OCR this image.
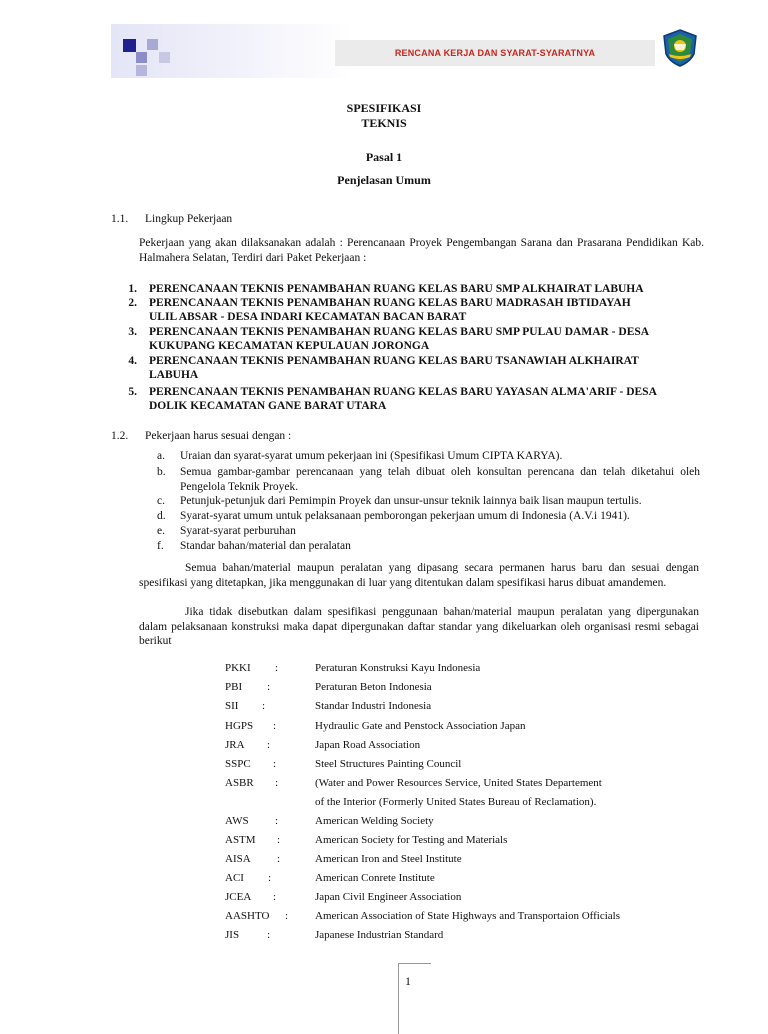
RENCANA KERJA DAN SYARAT-SYARATNYA
SPESIFIKASI
TEKNIS
Pasal 1
Penjelasan Umum
1.1. Lingkup Pekerjaan
Pekerjaan yang akan dilaksanakan adalah : Perencanaan Proyek Pengembangan Sarana dan Prasarana Pendidikan Kab. Halmahera Selatan, Terdiri dari Paket Pekerjaan :
1. PERENCANAAN TEKNIS PENAMBAHAN RUANG KELAS BARU SMP ALKHAIRAT LABUHA
2. PERENCANAAN TEKNIS PENAMBAHAN RUANG KELAS BARU MADRASAH IBTIDAYAH
ULIL ABSAR - DESA INDARI KECAMATAN BACAN BARAT
3. PERENCANAAN TEKNIS PENAMBAHAN RUANG KELAS BARU SMP PULAU DAMAR - DESA
KUKUPANG KECAMATAN KEPULAUAN JORONGA
4. PERENCANAAN TEKNIS PENAMBAHAN RUANG KELAS BARU TSANAWIAH ALKHAIRAT
LABUHA
5. PERENCANAAN TEKNIS PENAMBAHAN RUANG KELAS BARU YAYASAN ALMA'ARIF - DESA
DOLIK KECAMATAN GANE BARAT UTARA
1.2. Pekerjaan harus sesuai dengan :
a. Uraian dan syarat-syarat umum pekerjaan ini (Spesifikasi Umum CIPTA KARYA).
b. Semua gambar-gambar perencanaan yang telah dibuat oleh konsultan perencana dan telah diketahui oleh Pengelola Teknik Proyek.
c. Petunjuk-petunjuk dari Pemimpin Proyek dan unsur-unsur teknik lainnya baik lisan maupun tertulis.
d. Syarat-syarat umum untuk pelaksanaan pemborongan pekerjaan umum di Indonesia (A.V.i 1941).
e. Syarat-syarat perburuhan
f. Standar bahan/material dan peralatan
Semua bahan/material maupun peralatan yang dipasang secara permanen harus baru dan sesuai dengan spesifikasi yang ditetapkan, jika menggunakan di luar yang ditentukan dalam spesifikasi harus dibuat amandemen.
Jika tidak disebutkan dalam spesifikasi penggunaan bahan/material maupun peralatan yang dipergunakan dalam pelaksanaan konstruksi maka dapat dipergunakan daftar standar yang dikeluarkan oleh organisasi resmi sebagai berikut
PKKI :	Peraturan Konstruksi Kayu Indonesia
PBI :	Peraturan Beton Indonesia
SII :	Standar Industri Indonesia
HGPS :	Hydraulic Gate and Penstock Association Japan
JRA :	Japan Road Association
SSPC :	Steel Structures Painting Council
ASBR :	(Water and Power Resources Service, United States Departement
of the Interior (Formerly United States Bureau of Reclamation).
AWS :	American Welding Society
ASTM :	American Society for Testing and Materials
AISA :	American Iron and Steel Institute
ACI :	American Conrete Institute
JCEA :	Japan Civil Engineer Association
AASHTO : American Association of State Highways and Transportaion Officials
JIS	:	Japanese Industrian Standard
1
